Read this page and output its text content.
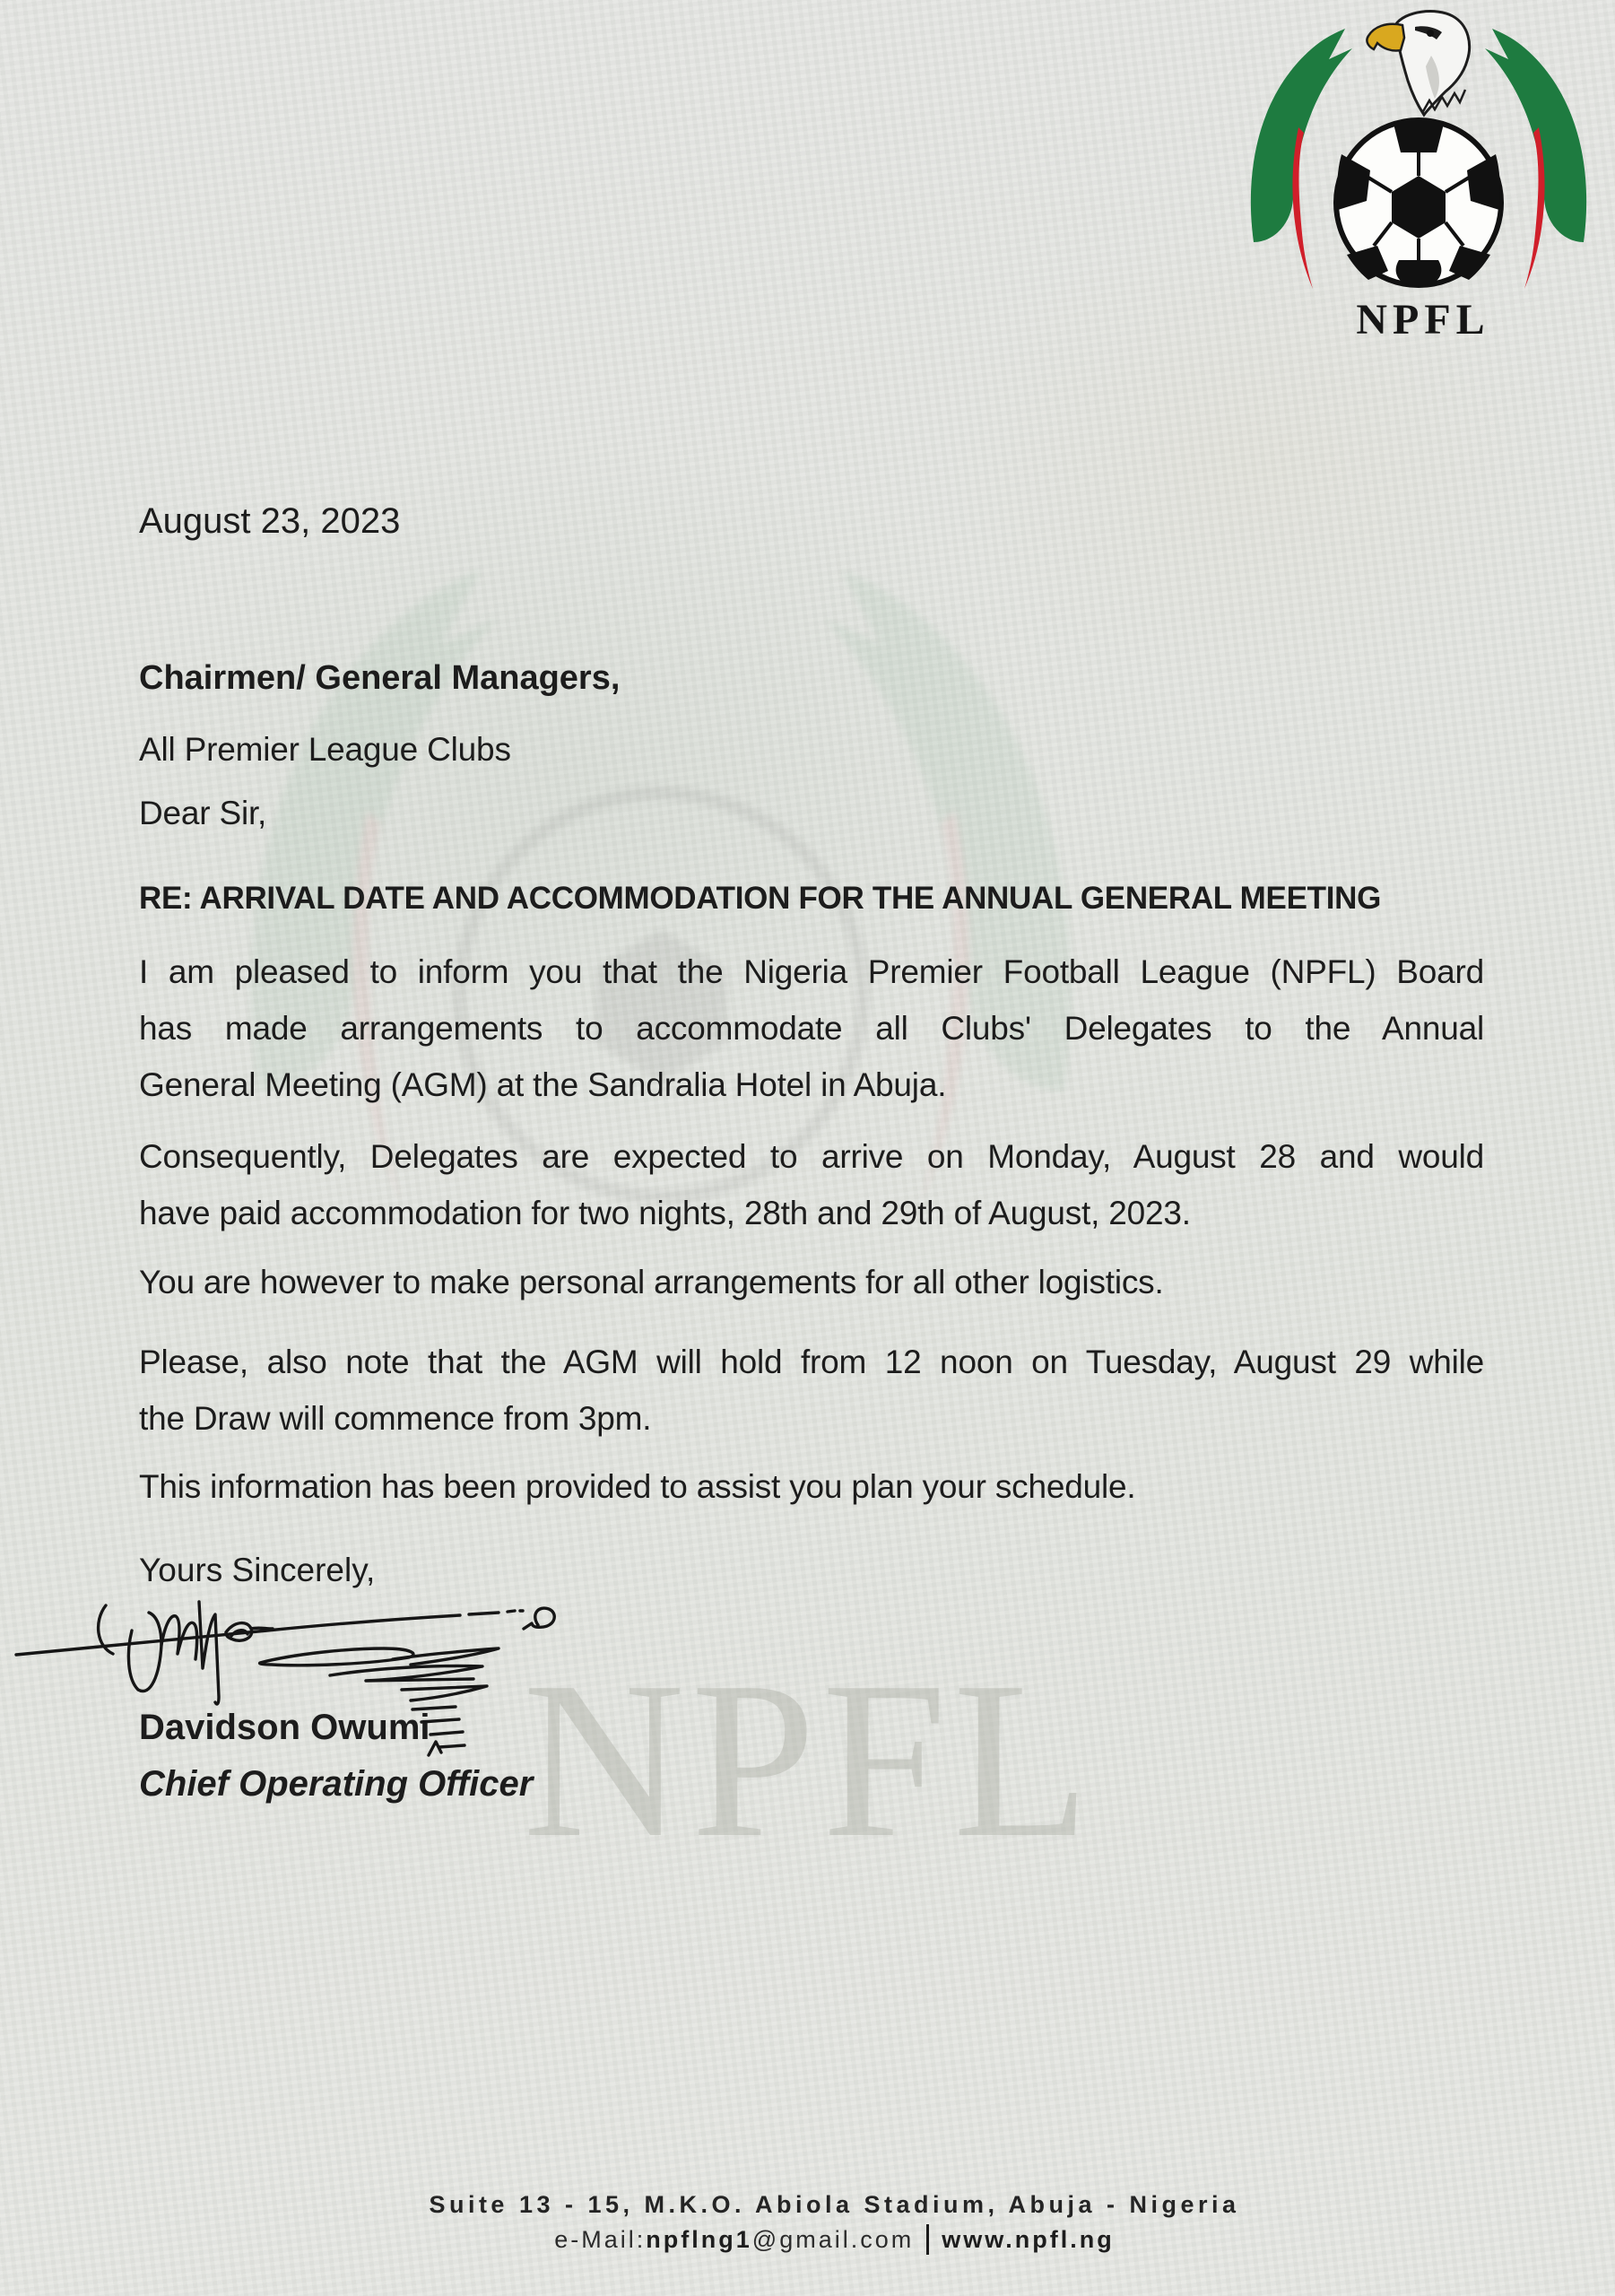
NPFL
NPFL
August 23, 2023
Chairmen/ General Managers,
All Premier League Clubs
Dear Sir,
RE: ARRIVAL DATE AND ACCOMMODATION FOR THE ANNUAL GENERAL MEETING
I am pleased to inform you that the Nigeria Premier Football League (NPFL) Board
has made arrangements to accommodate all Clubs' Delegates to the Annual
General Meeting (AGM) at the Sandralia Hotel in Abuja.
Consequently, Delegates are expected to arrive on Monday, August 28 and would
have paid accommodation for two nights, 28th and 29th of August, 2023.
You are however to make personal arrangements for all other logistics.
Please, also note that the AGM will hold from 12 noon on Tuesday, August 29 while
the Draw will commence from 3pm.
This information has been provided to assist you plan your schedule.
Yours Sincerely,
Davidson Owumi
Chief Operating Officer
Suite 13 - 15, M.K.O. Abiola Stadium, Abuja - Nigeria
e-Mail:npflng1@gmail.com www.npfl.ng
